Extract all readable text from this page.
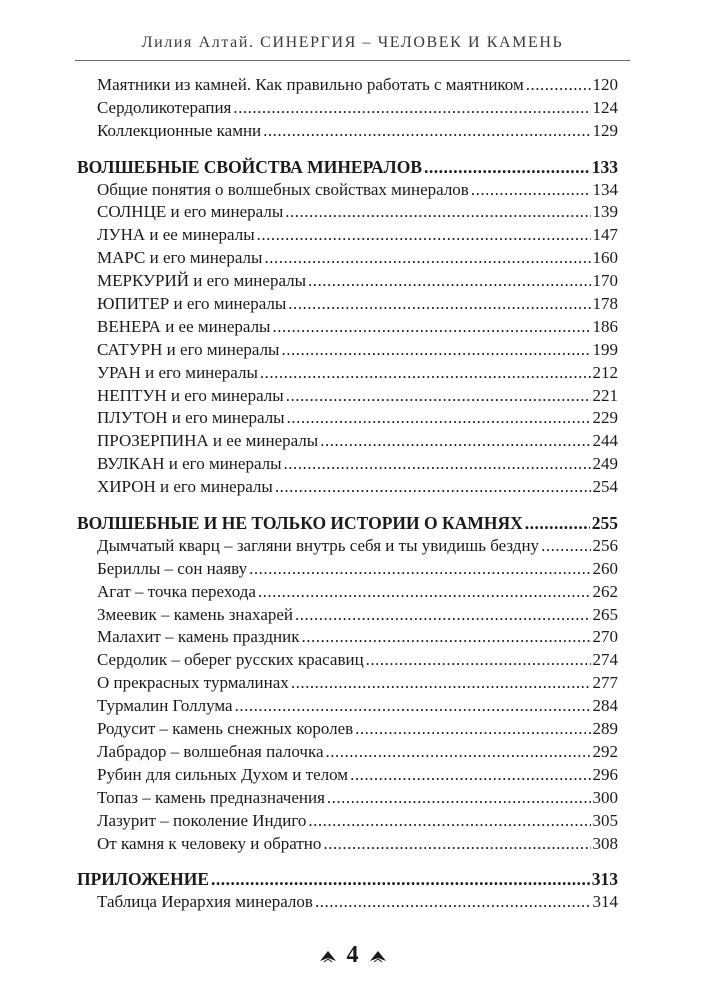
Лилия Алтай. СИНЕРГИЯ – ЧЕЛОВЕК И КАМЕНЬ
Маятники из камней. Как правильно работать с маятником .....	120
Сердоликотерапия .....	124
Коллекционные камни .....	129
ВОЛШЕБНЫЕ СВОЙСТВА МИНЕРАЛОВ .....	133
Общие понятия о волшебных свойствах минералов .....	134
СОЛНЦЕ и его минералы .....	139
ЛУНА и ее минералы .....	147
МАРС и его минералы .....	160
МЕРКУРИЙ и его минералы .....	170
ЮПИТЕР и его минералы .....	178
ВЕНЕРА и ее минералы .....	186
САТУРН и его минералы .....	199
УРАН и его минералы .....	212
НЕПТУН и его минералы .....	221
ПЛУТОН и его минералы .....	229
ПРОЗЕРПИНА и ее минералы .....	244
ВУЛКАН и его минералы .....	249
ХИРОН и его минералы .....	254
ВОЛШЕБНЫЕ И НЕ ТОЛЬКО ИСТОРИИ О КАМНЯХ .....	255
Дымчатый кварц – загляни внутрь себя и ты увидишь бездну .....	256
Бериллы – сон наяву .....	260
Агат – точка перехода .....	262
Змеевик – камень знахарей .....	265
Малахит – камень праздник .....	270
Сердолик – оберег русских красавиц .....	274
О прекрасных турмалинах .....	277
Турмалин Голлума .....	284
Родусит – камень снежных королев .....	289
Лабрадор – волшебная палочка .....	292
Рубин для сильных Духом и телом .....	296
Топаз – камень предназначения .....	300
Лазурит – поколение Индиго .....	305
От камня к человеку и обратно .....	308
ПРИЛОЖЕНИЕ .....	313
Таблица Иерархия минералов .....	314
4
